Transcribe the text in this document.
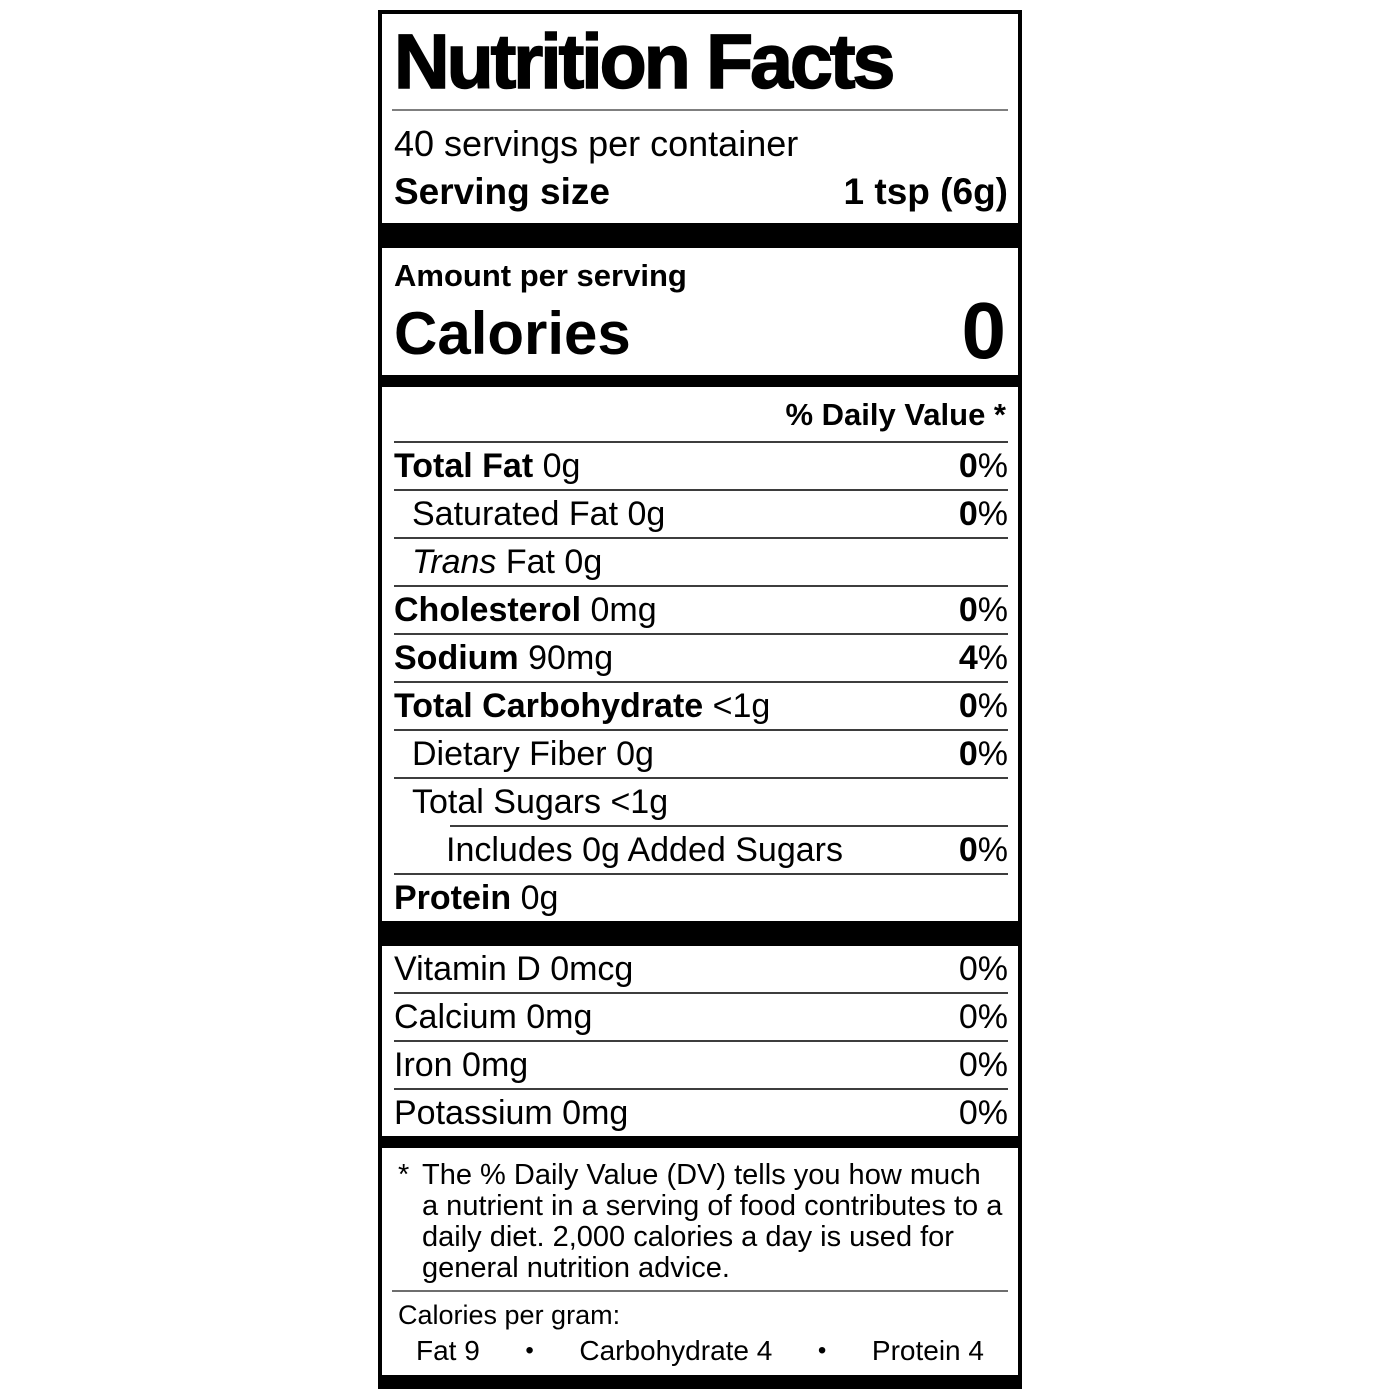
Nutrition Facts
40 servings per container
Serving size	1 tsp (6g)
Amount per serving
Calories	0
% Daily Value *
Total Fat 0g	0%
Saturated Fat 0g	0%
Trans Fat 0g
Cholesterol 0mg	0%
Sodium 90mg	4%
Total Carbohydrate <1g	0%
Dietary Fiber 0g	0%
Total Sugars <1g
Includes 0g Added Sugars	0%
Protein 0g
Vitamin D 0mcg	0%
Calcium 0mg	0%
Iron 0mg	0%
Potassium 0mg	0%
* The % Daily Value (DV) tells you how much a nutrient in a serving of food contributes to a daily diet. 2,000 calories a day is used for general nutrition advice.
Calories per gram:
Fat 9 • Carbohydrate 4 • Protein 4
